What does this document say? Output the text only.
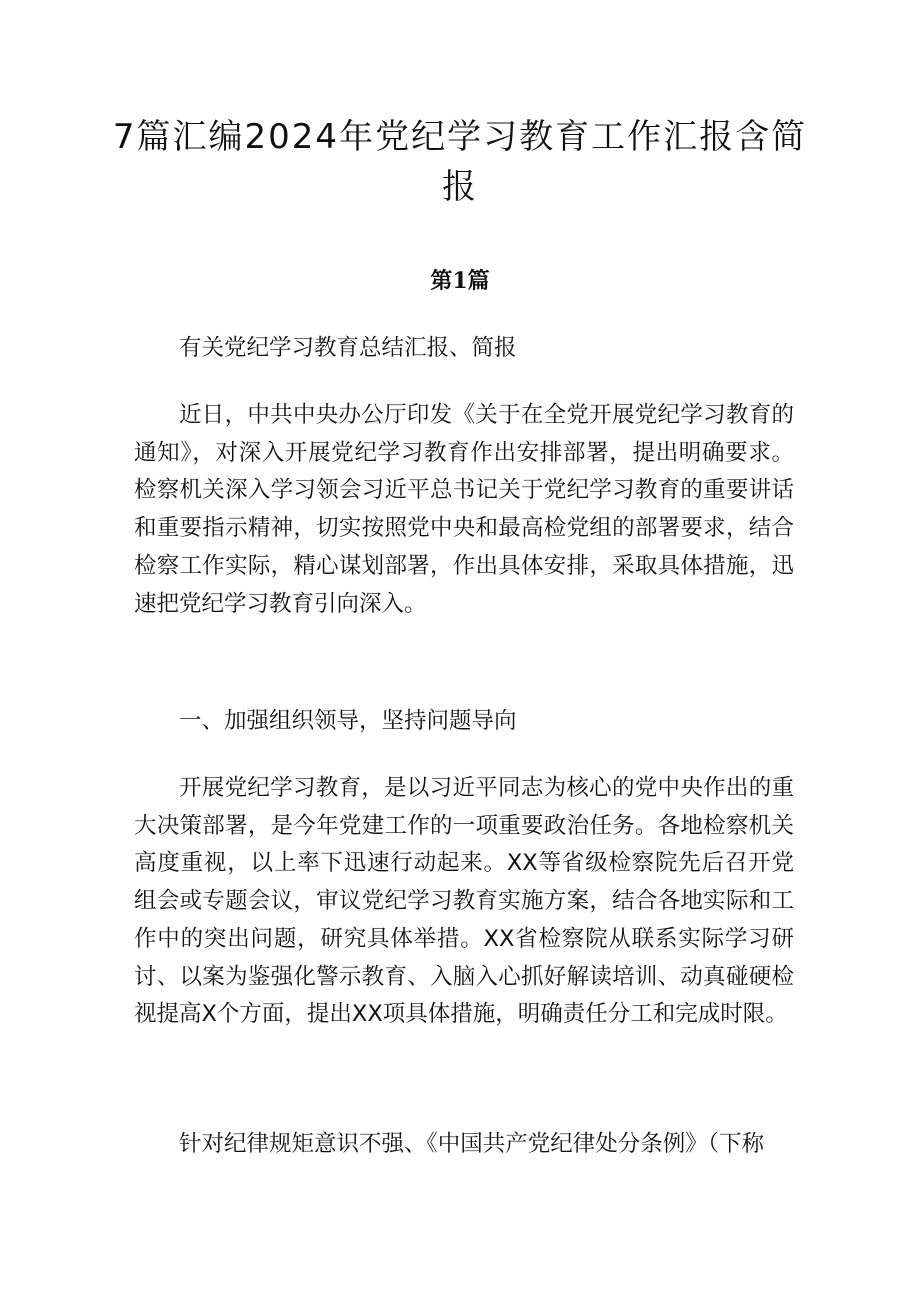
7篇汇编2024年党纪学习教育工作汇报含简报
第1篇

有关党纪学习教育总结汇报、简报

近日，中共中央办公厅印发《关于在全党开展党纪学习教育的通知》，对深入开展党纪学习教育作出安排部署，提出明确要求。检察机关深入学习领会习近平总书记关于党纪学习教育的重要讲话和重要指示精神，切实按照党中央和最高检党组的部署要求，结合检察工作实际，精心谋划部署，作出具体安排，采取具体措施，迅速把党纪学习教育引向深入。

一、加强组织领导，坚持问题导向

开展党纪学习教育，是以习近平同志为核心的党中央作出的重大决策部署，是今年党建工作的一项重要政治任务。各地检察机关高度重视，以上率下迅速行动起来。XX等省级检察院先后召开党组会或专题会议，审议党纪学习教育实施方案，结合各地实际和工作中的突出问题，研究具体举措。XX省检察院从联系实际学习研讨、以案为鉴强化警示教育、入脑入心抓好解读培训、动真碰硬检视提高X个方面，提出XX项具体措施，明确责任分工和完成时限。

针对纪律规矩意识不强、《中国共产党纪律处分条例》（下称
